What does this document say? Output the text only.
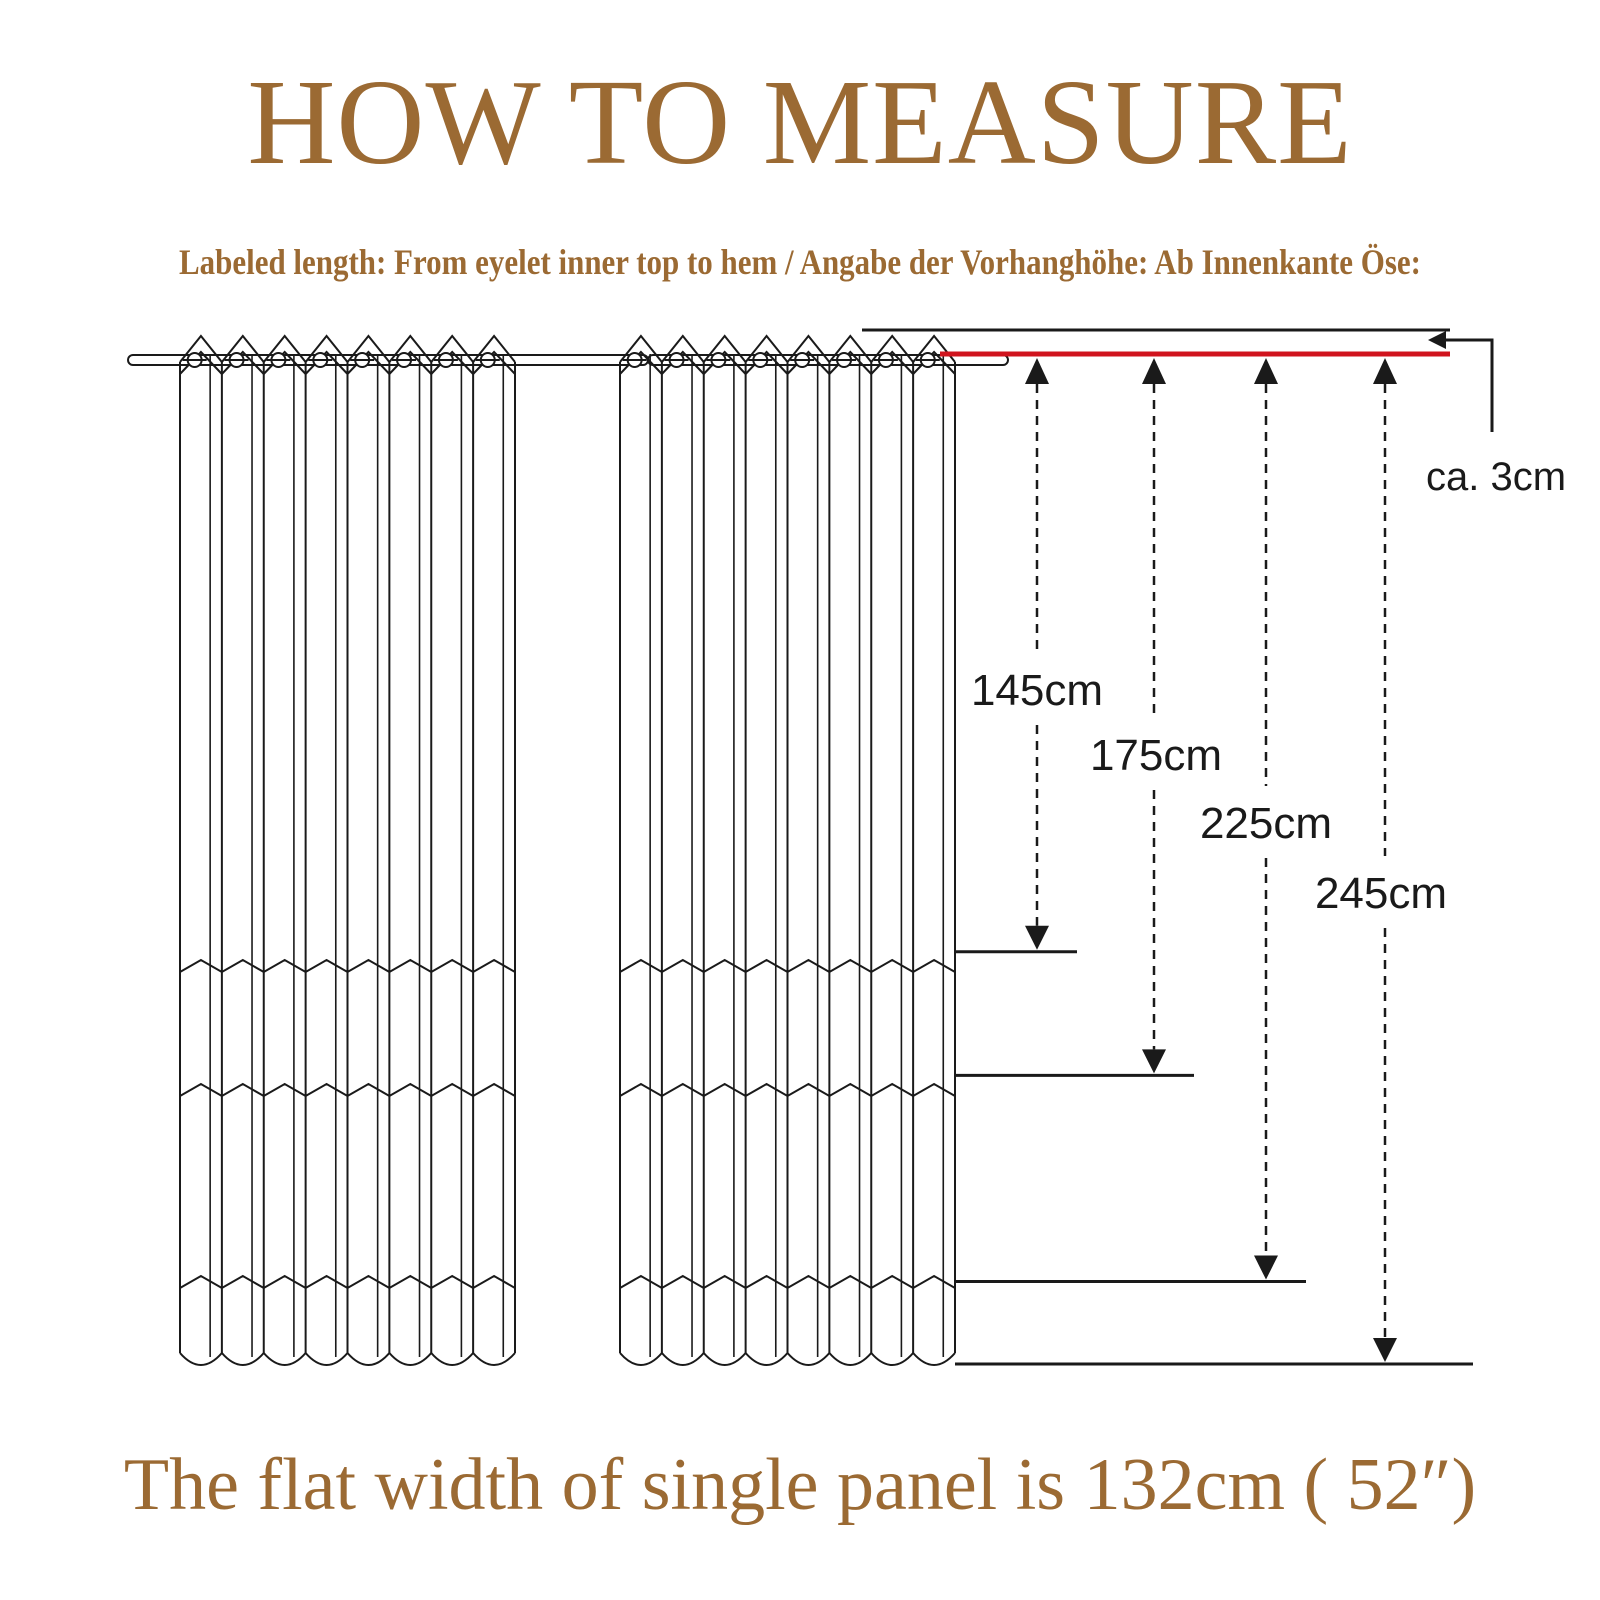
HOW TO MEASURE
Labeled length: From eyelet inner top to hem / Angabe der Vorhanghöhe: Ab Innenkante Öse:
ca. 3cm
145cm
175cm
225cm
245cm
The flat width of single panel is 132cm ( 52″)
